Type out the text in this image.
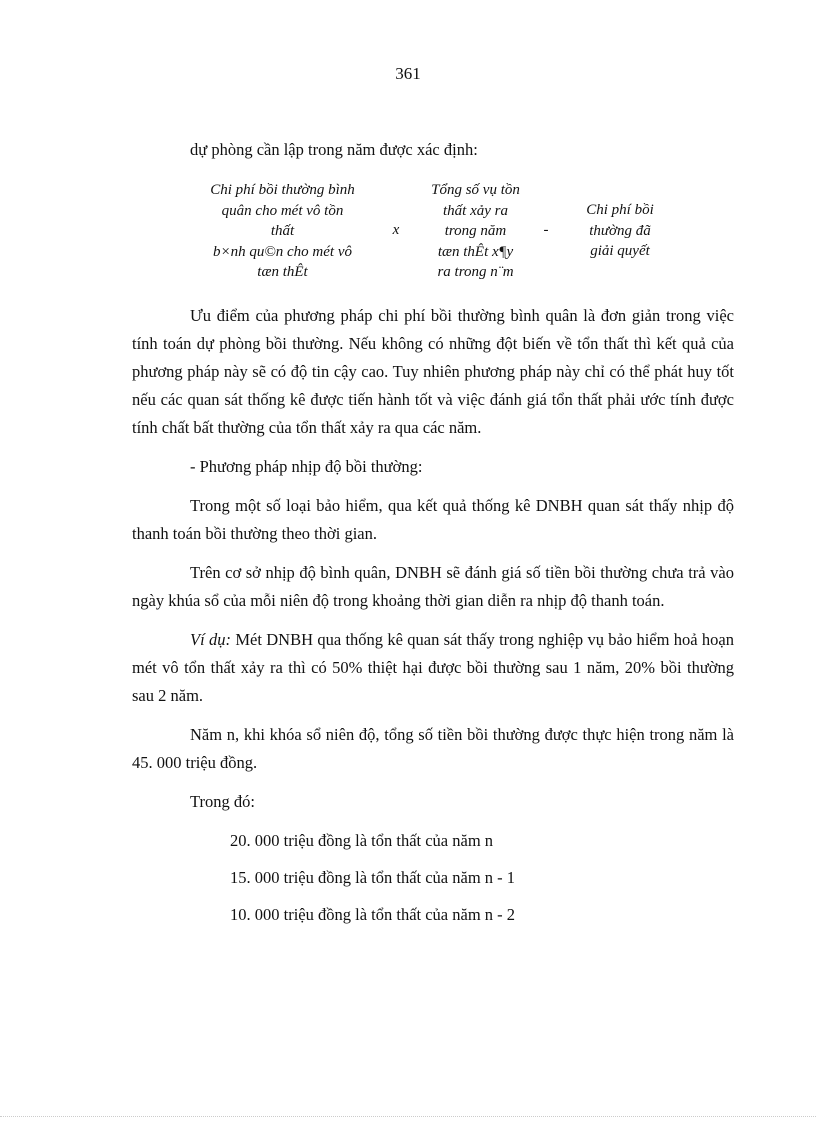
361
dự phòng cần lập trong năm được xác định:
Chi phí bồi thường bình
quân cho mét vô tồn
thất
b×nh qu©n cho mét vô
tæn thÊt
x
Tổng số vụ tồn
thất xảy ra
trong năm
tæn thÊt x¶y
ra trong n¨m
-
Chi phí bồi
thường đã
giải quyết

Ưu điểm của phương pháp chi phí bồi thường bình quân là đơn giản trong việc tính toán dự phòng bồi thường. Nếu không có những đột biến về tổn thất thì kết quả của phương pháp này sẽ có độ tin cậy cao. Tuy nhiên phương pháp này chỉ có thể phát huy tốt nếu các quan sát thống kê được tiến hành tốt và việc đánh giá tổn thất phải ước tính được tính chất bất thường của tổn thất xảy ra qua các năm.

- Phương pháp nhịp độ bồi thường:

Trong một số loại bảo hiểm, qua kết quả thống kê DNBH quan sát thấy nhịp độ thanh toán bồi thường theo thời gian.

Trên cơ sở nhịp độ bình quân, DNBH sẽ đánh giá số tiền bồi thường chưa trả vào ngày khúa sổ của mỗi niên độ trong khoảng thời gian diễn ra nhịp độ thanh toán.

Ví dụ: Mét DNBH qua thống kê quan sát thấy trong nghiệp vụ bảo hiểm hoả hoạn mét vô tổn thất xảy ra thì có 50% thiệt hại được bồi thường sau 1 năm, 20% bồi thường sau 2 năm.

Năm n, khi khóa sổ niên độ, tổng số tiền bồi thường được thực hiện trong năm là 45. 000 triệu đồng.

Trong đó:

20. 000 triệu đồng là tổn thất của năm n

15. 000 triệu đồng là tổn thất của năm n - 1

10. 000 triệu đồng là tổn thất của năm n - 2
